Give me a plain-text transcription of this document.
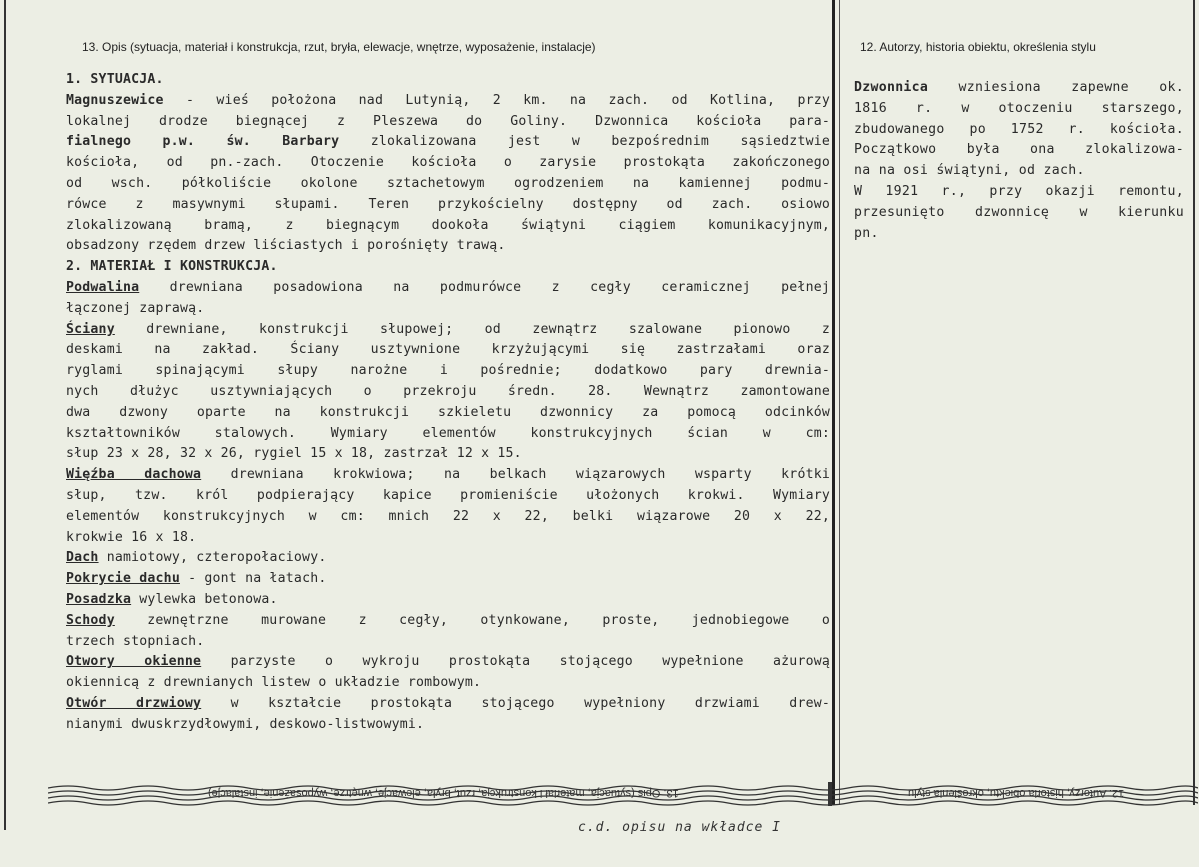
13. Opis (sytuacja, materiał i konstrukcja, rzut, bryła, elewacje, wnętrze, wyposażenie, instalacje)	12. Autorzy, historia obiektu, określenia stylu
1. SYTUACJA.
Magnuszewice - wieś położona nad Lutynią, 2 km. na zach. od Kotlina, przy
lokalnej drodze biegnącej z Pleszewa do Goliny. Dzwonnica kościoła para-
fialnego p.w. św. Barbary zlokalizowana jest w bezpośrednim sąsiedztwie
kościoła, od pn.-zach. Otoczenie kościoła o zarysie prostokąta zakończonego
od wsch. półkoliście okolone sztachetowym ogrodzeniem na kamiennej podmu-
rówce z masywnymi słupami. Teren przykościelny dostępny od zach. osiowo
zlokalizowaną bramą, z biegnącym dookoła świątyni ciągiem komunikacyjnym,
obsadzony rzędem drzew liściastych i porośnięty trawą.
2. MATERIAŁ I KONSTRUKCJA.
Podwalina drewniana posadowiona na podmurówce z cegły ceramicznej pełnej
łączonej zaprawą.
Ściany drewniane, konstrukcji słupowej; od zewnątrz szalowane pionowo z
deskami na zakład. Ściany usztywnione krzyżującymi się zastrzałami oraz
ryglami spinającymi słupy narożne i pośrednie; dodatkowo pary drewnia-
nych dłużyc usztywniających o przekroju średn. 28. Wewnątrz zamontowane
dwa dzwony oparte na konstrukcji szkieletu dzwonnicy za pomocą odcinków
kształtowników stalowych. Wymiary elementów konstrukcyjnych ścian w cm:
słup 23 x 28, 32 x 26, rygiel 15 x 18, zastrzał 12 x 15.
Więźba dachowa drewniana krokwiowa; na belkach wiązarowych wsparty krótki
słup, tzw. król podpierający kapice promieniście ułożonych krokwi. Wymiary
elementów konstrukcyjnych w cm: mnich 22 x 22, belki wiązarowe 20 x 22,
krokwie 16 x 18.
Dach namiotowy, czteropołaciowy.
Pokrycie dachu - gont na łatach.
Posadzka wylewka betonowa.
Schody zewnętrzne murowane z cegły, otynkowane, proste, jednobiegowe o
trzech stopniach.
Otwory okienne parzyste o wykroju prostokąta stojącego wypełnione ażurową
okiennicą z drewnianych listew o układzie rombowym.
Otwór drzwiowy w kształcie prostokąta stojącego wypełniony drzwiami drew-
nianymi dwuskrzydłowymi, deskowo-listwowymi.
Dzwonnica wzniesiona zapewne ok.
1816 r. w otoczeniu starszego,
zbudowanego po 1752 r. kościoła.
Początkowo była ona zlokalizowa-
na na osi świątyni, od zach.
W 1921 r., przy okazji remontu,
przesunięto dzwonnicę w kierunku
pn.
13. Opis (sytuacja, materiał i konstrukcja, rzut, bryła, elewacje, wnętrze, wyposażenie, instalacje)	12. Autorzy, historia obiektu, określenia stylu
c.d. opisu na wkładce I
